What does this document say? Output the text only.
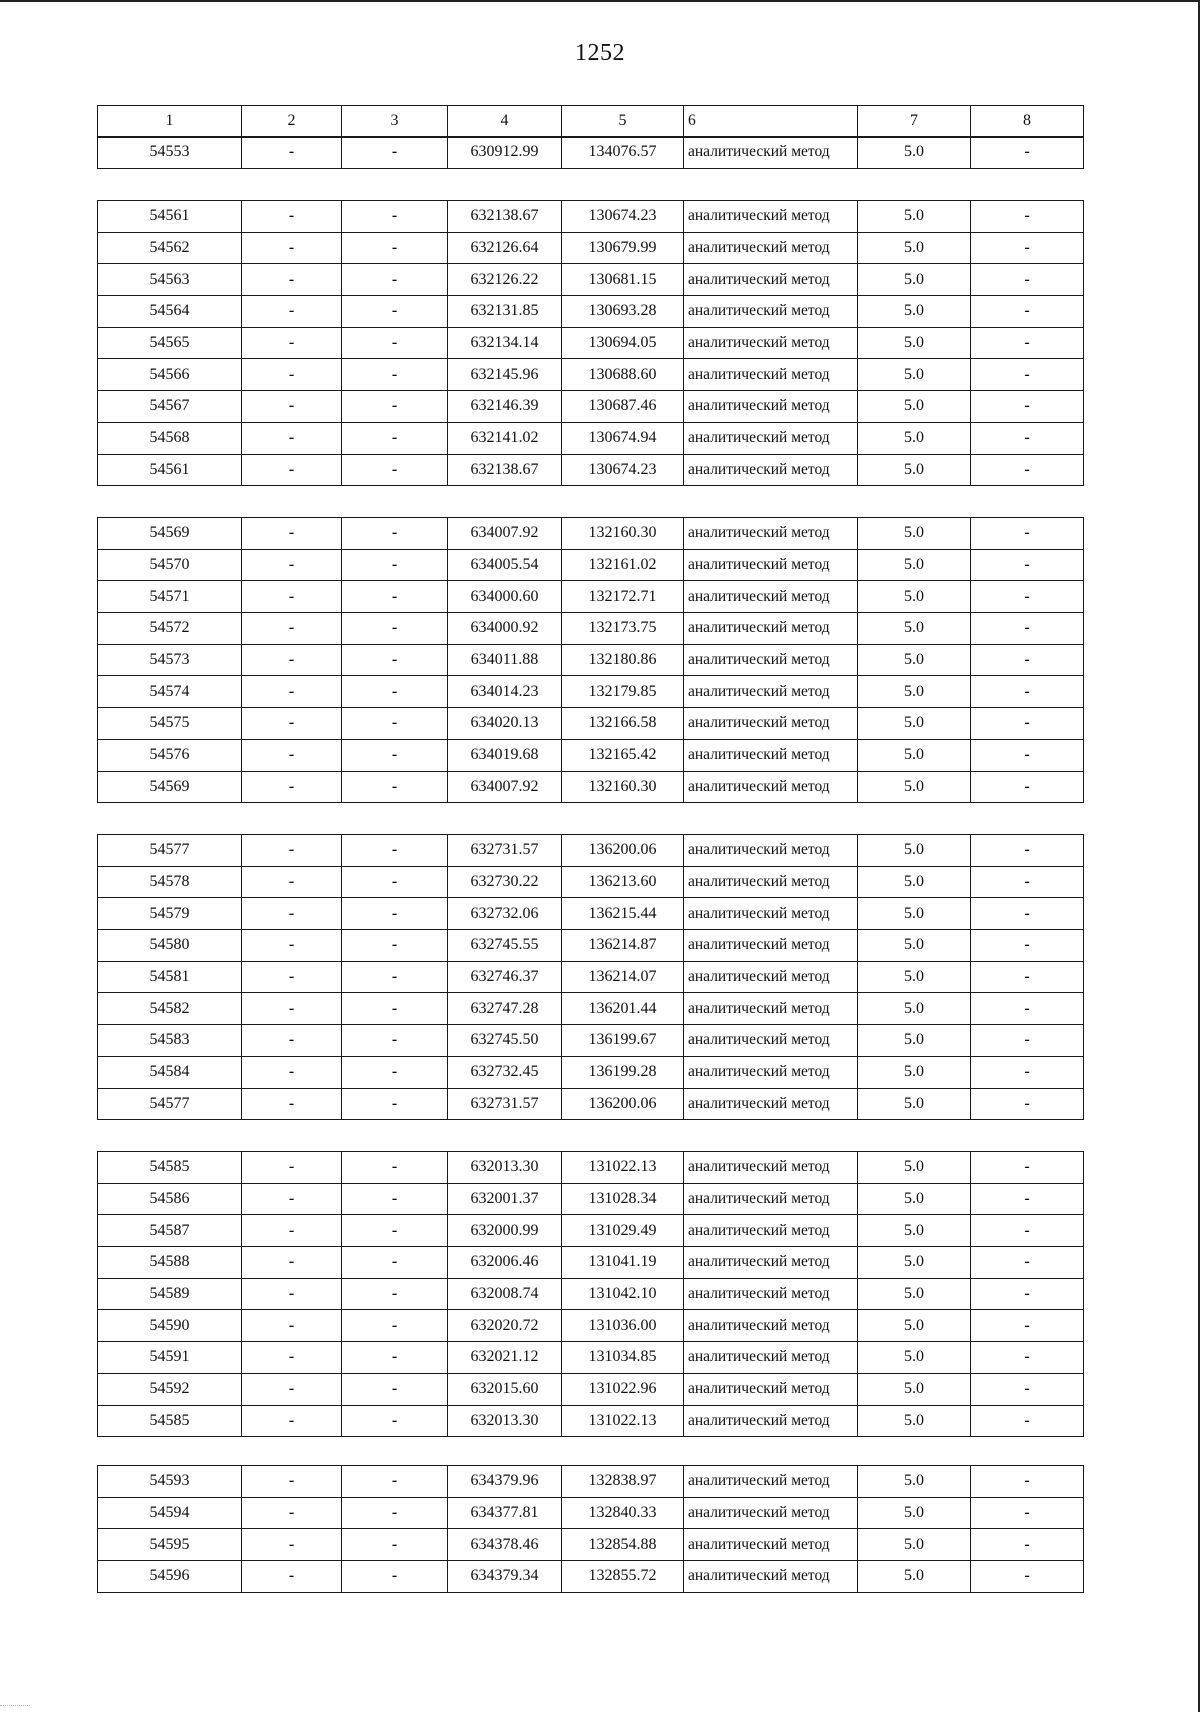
1252
1	2	3	4	5	6	7	8
54553	-	-	630912.99	134076.57	аналитический метод	5.0	-
54561	-	-	632138.67	130674.23	аналитический метод	5.0	-
54562	-	-	632126.64	130679.99	аналитический метод	5.0	-
54563	-	-	632126.22	130681.15	аналитический метод	5.0	-
54564	-	-	632131.85	130693.28	аналитический метод	5.0	-
54565	-	-	632134.14	130694.05	аналитический метод	5.0	-
54566	-	-	632145.96	130688.60	аналитический метод	5.0	-
54567	-	-	632146.39	130687.46	аналитический метод	5.0	-
54568	-	-	632141.02	130674.94	аналитический метод	5.0	-
54561	-	-	632138.67	130674.23	аналитический метод	5.0	-
54569	-	-	634007.92	132160.30	аналитический метод	5.0	-
54570	-	-	634005.54	132161.02	аналитический метод	5.0	-
54571	-	-	634000.60	132172.71	аналитический метод	5.0	-
54572	-	-	634000.92	132173.75	аналитический метод	5.0	-
54573	-	-	634011.88	132180.86	аналитический метод	5.0	-
54574	-	-	634014.23	132179.85	аналитический метод	5.0	-
54575	-	-	634020.13	132166.58	аналитический метод	5.0	-
54576	-	-	634019.68	132165.42	аналитический метод	5.0	-
54569	-	-	634007.92	132160.30	аналитический метод	5.0	-
54577	-	-	632731.57	136200.06	аналитический метод	5.0	-
54578	-	-	632730.22	136213.60	аналитический метод	5.0	-
54579	-	-	632732.06	136215.44	аналитический метод	5.0	-
54580	-	-	632745.55	136214.87	аналитический метод	5.0	-
54581	-	-	632746.37	136214.07	аналитический метод	5.0	-
54582	-	-	632747.28	136201.44	аналитический метод	5.0	-
54583	-	-	632745.50	136199.67	аналитический метод	5.0	-
54584	-	-	632732.45	136199.28	аналитический метод	5.0	-
54577	-	-	632731.57	136200.06	аналитический метод	5.0	-
54585	-	-	632013.30	131022.13	аналитический метод	5.0	-
54586	-	-	632001.37	131028.34	аналитический метод	5.0	-
54587	-	-	632000.99	131029.49	аналитический метод	5.0	-
54588	-	-	632006.46	131041.19	аналитический метод	5.0	-
54589	-	-	632008.74	131042.10	аналитический метод	5.0	-
54590	-	-	632020.72	131036.00	аналитический метод	5.0	-
54591	-	-	632021.12	131034.85	аналитический метод	5.0	-
54592	-	-	632015.60	131022.96	аналитический метод	5.0	-
54585	-	-	632013.30	131022.13	аналитический метод	5.0	-
54593	-	-	634379.96	132838.97	аналитический метод	5.0	-
54594	-	-	634377.81	132840.33	аналитический метод	5.0	-
54595	-	-	634378.46	132854.88	аналитический метод	5.0	-
54596	-	-	634379.34	132855.72	аналитический метод	5.0	-
